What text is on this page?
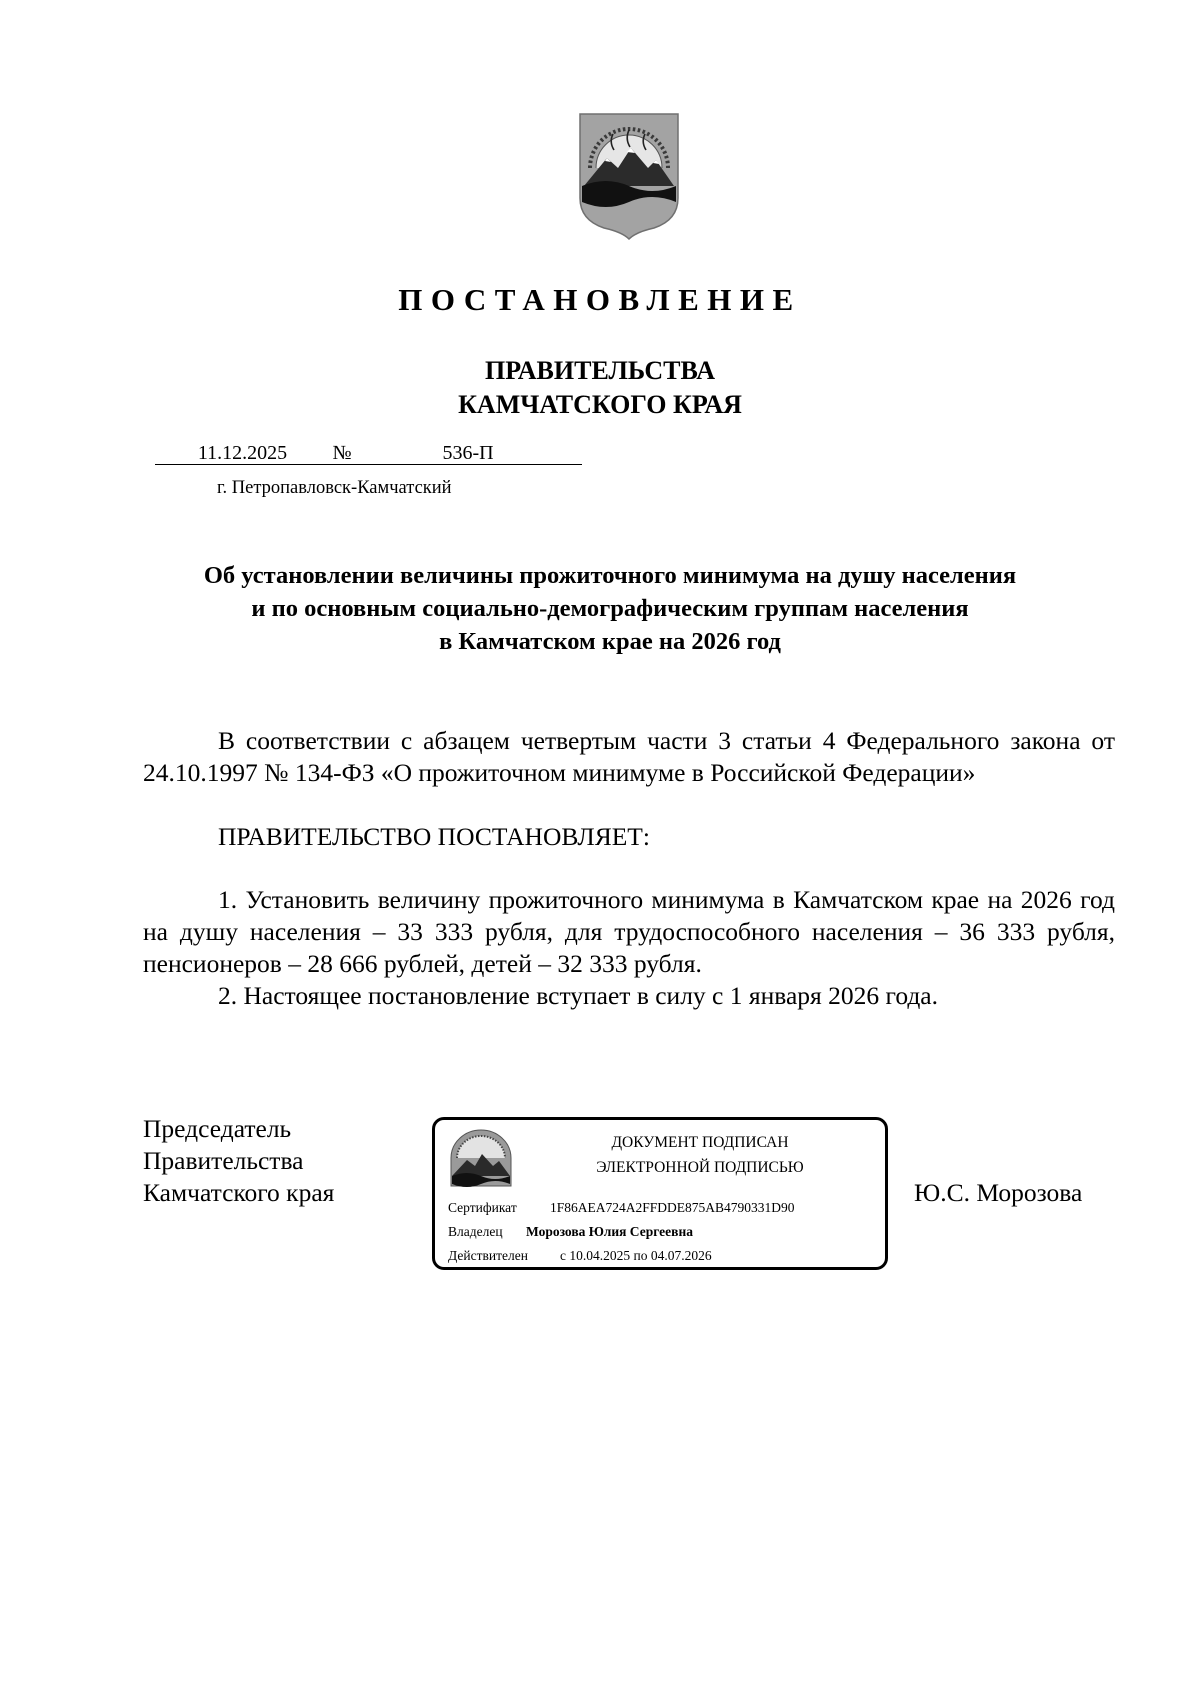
ПОСТАНОВЛЕНИЕ
ПРАВИТЕЛЬСТВА
КАМЧАТСКОГО КРАЯ
11.12.2025 №	536-П
г. Петропавловск-Камчатский
Об установлении величины прожиточного минимума на душу населения
и по основным социально-демографическим группам населения
в Камчатском крае на 2026 год
В соответствии с абзацем четвертым части 3 статьи 4 Федерального закона от 24.10.1997 № 134-ФЗ «О прожиточном минимуме в Российской Федерации»
ПРАВИТЕЛЬСТВО ПОСТАНОВЛЯЕТ:
1. Установить величину прожиточного минимума в Камчатском крае на 2026 год на душу населения – 33 333 рубля, для трудоспособного населения – 36 333 рубля, пенсионеров – 28 666 рублей, детей – 32 333 рубля.
2. Настоящее постановление вступает в силу с 1 января 2026 года.
Председатель
Правительства
Камчатского края	Ю.С. Морозова
ДОКУМЕНТ ПОДПИСАН
ЭЛЕКТРОННОЙ ПОДПИСЬЮ
Сертификат 1F86AEA724A2FFDDE875AB4790331D90
Владелец Морозова Юлия Сергеевна
Действителен с 10.04.2025 по 04.07.2026
